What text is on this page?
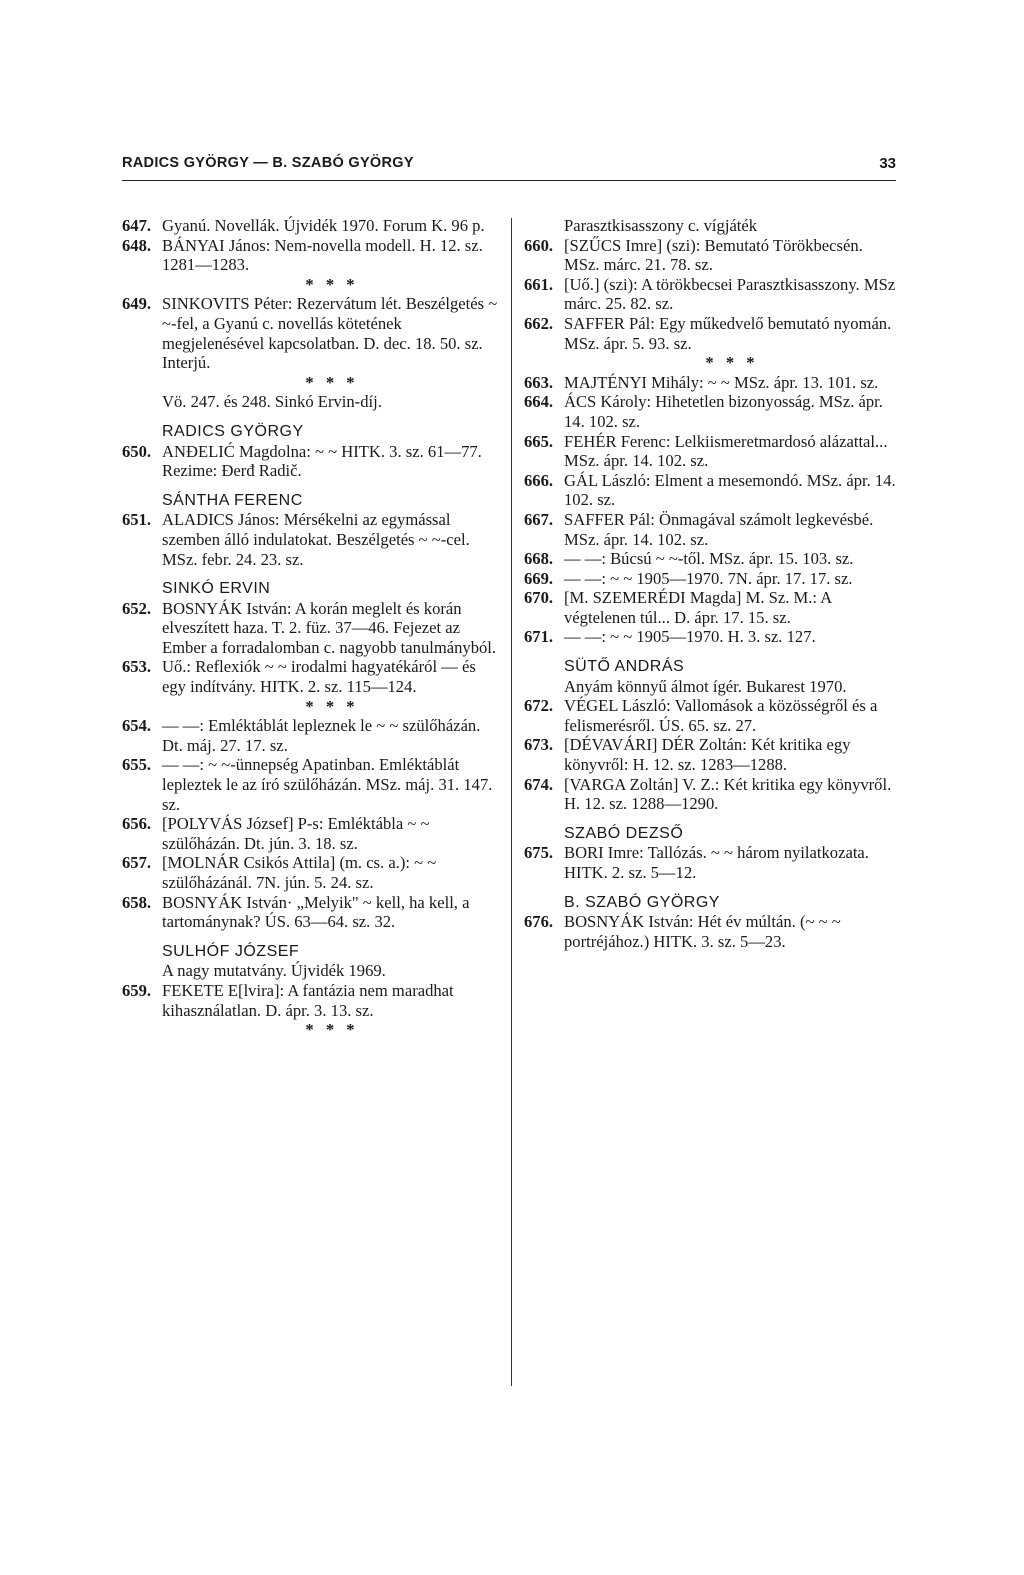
RADICS GYÖRGY — B. SZABÓ GYÖRGY	33
647. Gyanú. Novellák. Újvidék 1970. Forum K. 96 p.
648. BÁNYAI János: Nem-novella modell. H. 12. sz. 1281—1283.
* * *
649. SINKOVITS Péter: Rezervátum lét. Beszélgetés ~ ~-fel, a Gyanú c. novellás kötetének megjelenésével kapcsolatban. D. dec. 18. 50. sz. Interjú.
* * *
Vö. 247. és 248. Sinkó Ervin-díj.
RADICS GYÖRGY
650. ANĐELIĆ Magdolna: ~ ~ HITK. 3. sz. 61—77. Rezime: Đerđ Radič.
SÁNTHA FERENC
651. ALADICS János: Mérsékelni az egymással szemben álló indulatokat. Beszélgetés ~ ~-cel. MSz. febr. 24. 23. sz.
SINKÓ ERVIN
652. BOSNYÁK István: A korán meglelt és korán elveszített haza. T. 2. füz. 37—46. Fejezet az Ember a forradalomban c. nagyobb tanulmányból.
653. Uő.: Reflexiók ~ ~ irodalmi hagyatékáról — és egy indítvány. HITK. 2. sz. 115—124.
* * *
654. — —: Emléktáblát lepleznek le ~ ~ szülőházán. Dt. máj. 27. 17. sz.
655. — —: ~ ~-ünnepség Apatinban. Emléktáblát lepleztek le az író szülőházán. MSz. máj. 31. 147. sz.
656. [POLYVÁS József] P-s: Emléktábla ~ ~ szülőházán. Dt. jún. 3. 18. sz.
657. [MOLNÁR Csikós Attila] (m. cs. a.): ~ ~ szülőházánál. 7N. jún. 5. 24. sz.
658. BOSNYÁK István· „Melyik" ~ kell, ha kell, a tartománynak? ÚS. 63—64. sz. 32.
SULHÓF JÓZSEF
A nagy mutatvány. Újvidék 1969.
659. FEKETE E[lvira]: A fantázia nem maradhat kihasználatlan. D. ápr. 3. 13. sz.
* * *
Parasztkisasszony c. vígjáték
660. [SZŰCS Imre] (szi): Bemutató Törökbecsén. MSz. márc. 21. 78. sz.
661. [Uő.] (szi): A törökbecsei Parasztkisasszony. MSz márc. 25. 82. sz.
662. SAFFER Pál: Egy műkedvelő bemutató nyomán. MSz. ápr. 5. 93. sz.
* * *
663. MAJTÉNYI Mihály: ~ ~ MSz. ápr. 13. 101. sz.
664. ÁCS Károly: Hihetetlen bizonyosság. MSz. ápr. 14. 102. sz.
665. FEHÉR Ferenc: Lelkiismeretmardosó alázattal... MSz. ápr. 14. 102. sz.
666. GÁL László: Elment a mesemondó. MSz. ápr. 14. 102. sz.
667. SAFFER Pál: Önmagával számolt legkevésbé. MSz. ápr. 14. 102. sz.
668. — —: Búcsú ~ ~-től. MSz. ápr. 15. 103. sz.
669. — —: ~ ~ 1905—1970. 7N. ápr. 17. 17. sz.
670. [M. SZEMERÉDI Magda] M. Sz. M.: A végtelenen túl... D. ápr. 17. 15. sz.
671. — —: ~ ~ 1905—1970. H. 3. sz. 127.
SÜTŐ ANDRÁS
Anyám könnyű álmot ígér. Bukarest 1970.
672. VÉGEL László: Vallomások a közösségről és a felismerésről. ÚS. 65. sz. 27.
673. [DÉVAVÁRI] DÉR Zoltán: Két kritika egy könyvről: H. 12. sz. 1283—1288.
674. [VARGA Zoltán] V. Z.: Két kritika egy könyvről. H. 12. sz. 1288—1290.
SZABÓ DEZSŐ
675. BORI Imre: Tallózás. ~ ~ három nyilatkozata. HITK. 2. sz. 5—12.
B. SZABÓ GYÖRGY
676. BOSNYÁK István: Hét év múltán. (~ ~ ~ portréjához.) HITK. 3. sz. 5—23.
